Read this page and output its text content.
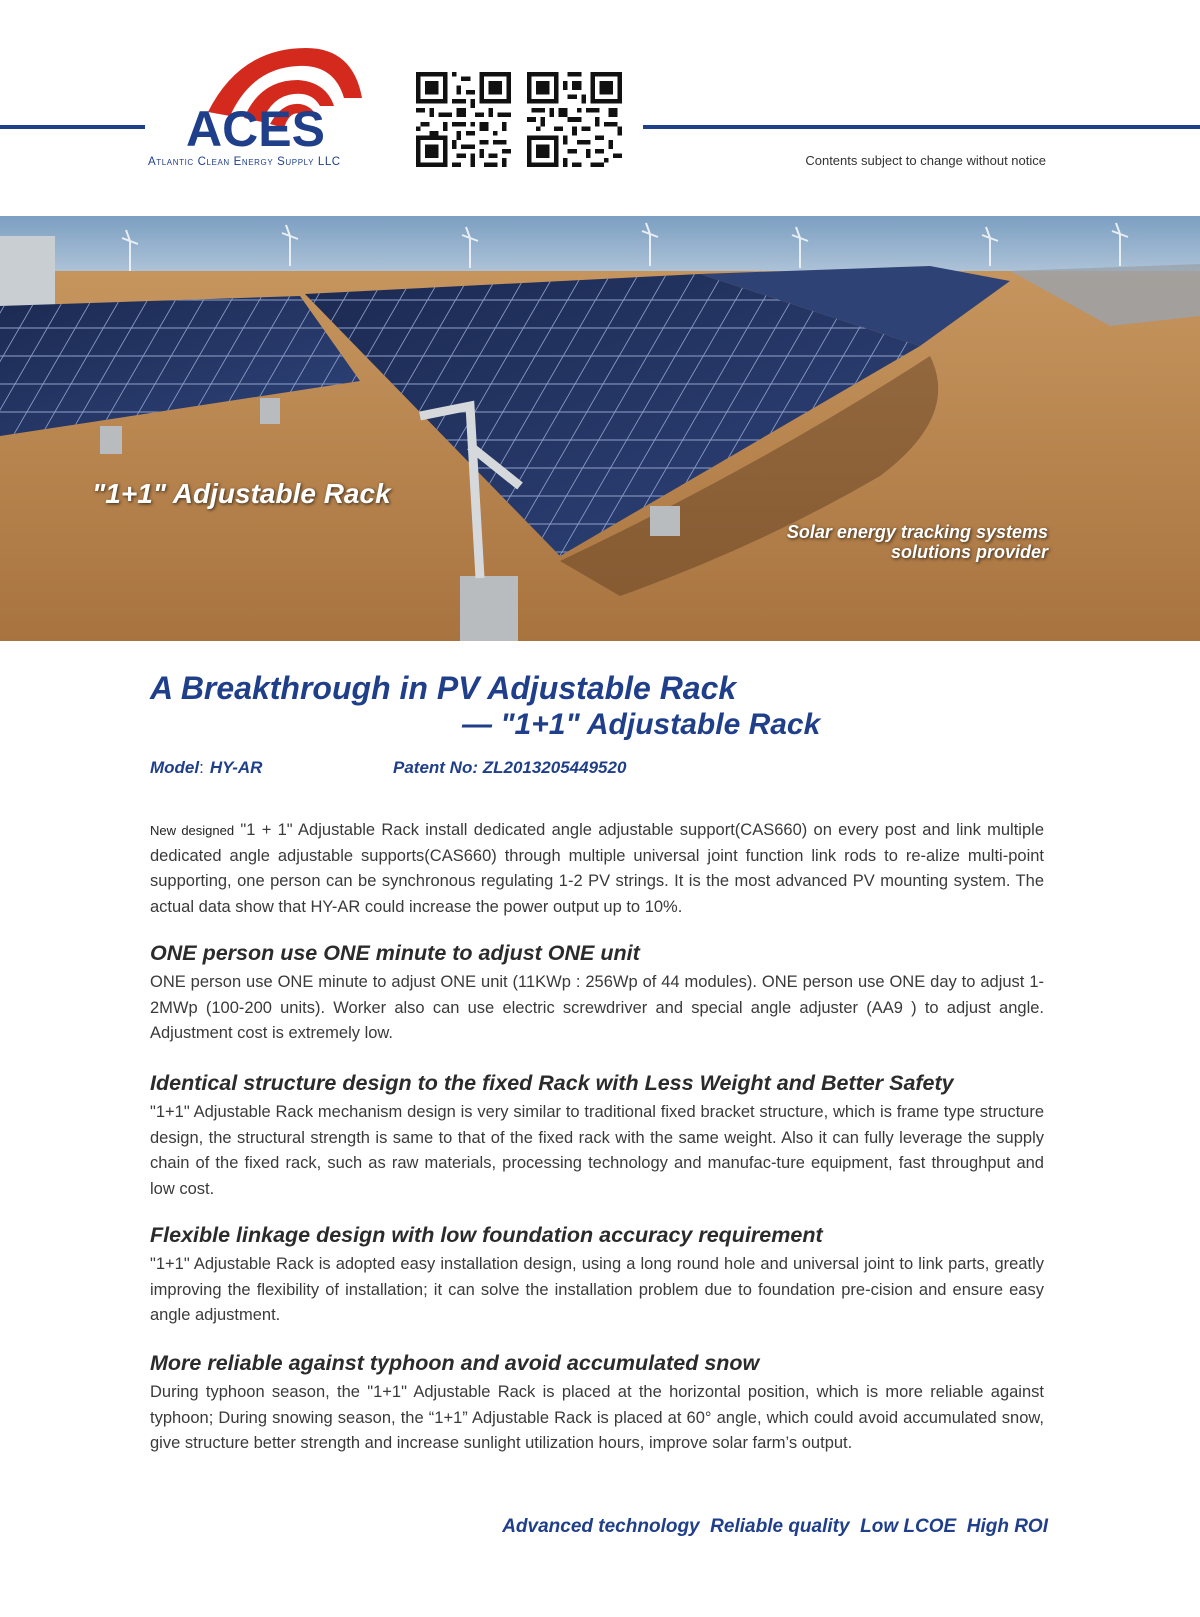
ACES
Atlantic Clean Energy Supply LLC	Contents subject to change without notice
"1+1" Adjustable Rack
Solar energy tracking systems
solutions provider
A Breakthrough in PV Adjustable Rack
— "1+1" Adjustable Rack
Model: HY-AR	Patent No: ZL2013205449520
New designed "1 + 1" Adjustable Rack install dedicated angle adjustable support(CAS660) on every post and link multiple dedicated angle adjustable supports(CAS660) through multiple universal joint function link rods to re-alize multi-point supporting, one person can be synchronous regulating 1-2 PV strings. It is the most advanced PV mounting system. The actual data show that HY-AR could increase the power output up to 10%.
ONE person use ONE minute to adjust ONE unit
ONE person use ONE minute to adjust ONE unit (11KWp : 256Wp of 44 modules). ONE person use ONE day to adjust 1-2MWp (100-200 units). Worker also can use electric screwdriver and special angle adjuster (AA9 ) to adjust angle. Adjustment cost is extremely low.
Identical structure design to the fixed Rack with Less Weight and Better Safety
"1+1" Adjustable Rack mechanism design is very similar to traditional fixed bracket structure, which is frame type structure design, the structural strength is same to that of the fixed rack with the same weight. Also it can fully leverage the supply chain of the fixed rack, such as raw materials, processing technology and manufac-ture equipment, fast throughput and low cost.
Flexible linkage design with low foundation accuracy requirement
"1+1" Adjustable Rack is adopted easy installation design, using a long round hole and universal joint to link parts, greatly improving the flexibility of installation; it can solve the installation problem due to foundation pre-cision and ensure easy angle adjustment.
More reliable against typhoon and avoid accumulated snow
During typhoon season, the "1+1" Adjustable Rack is placed at the horizontal position, which is more reliable against typhoon; During snowing season, the “1+1” Adjustable Rack is placed at 60° angle, which could avoid accumulated snow, give structure better strength and increase sunlight utilization hours, improve solar farm’s output.
Advanced technology  Reliable quality  Low LCOE  High ROI
